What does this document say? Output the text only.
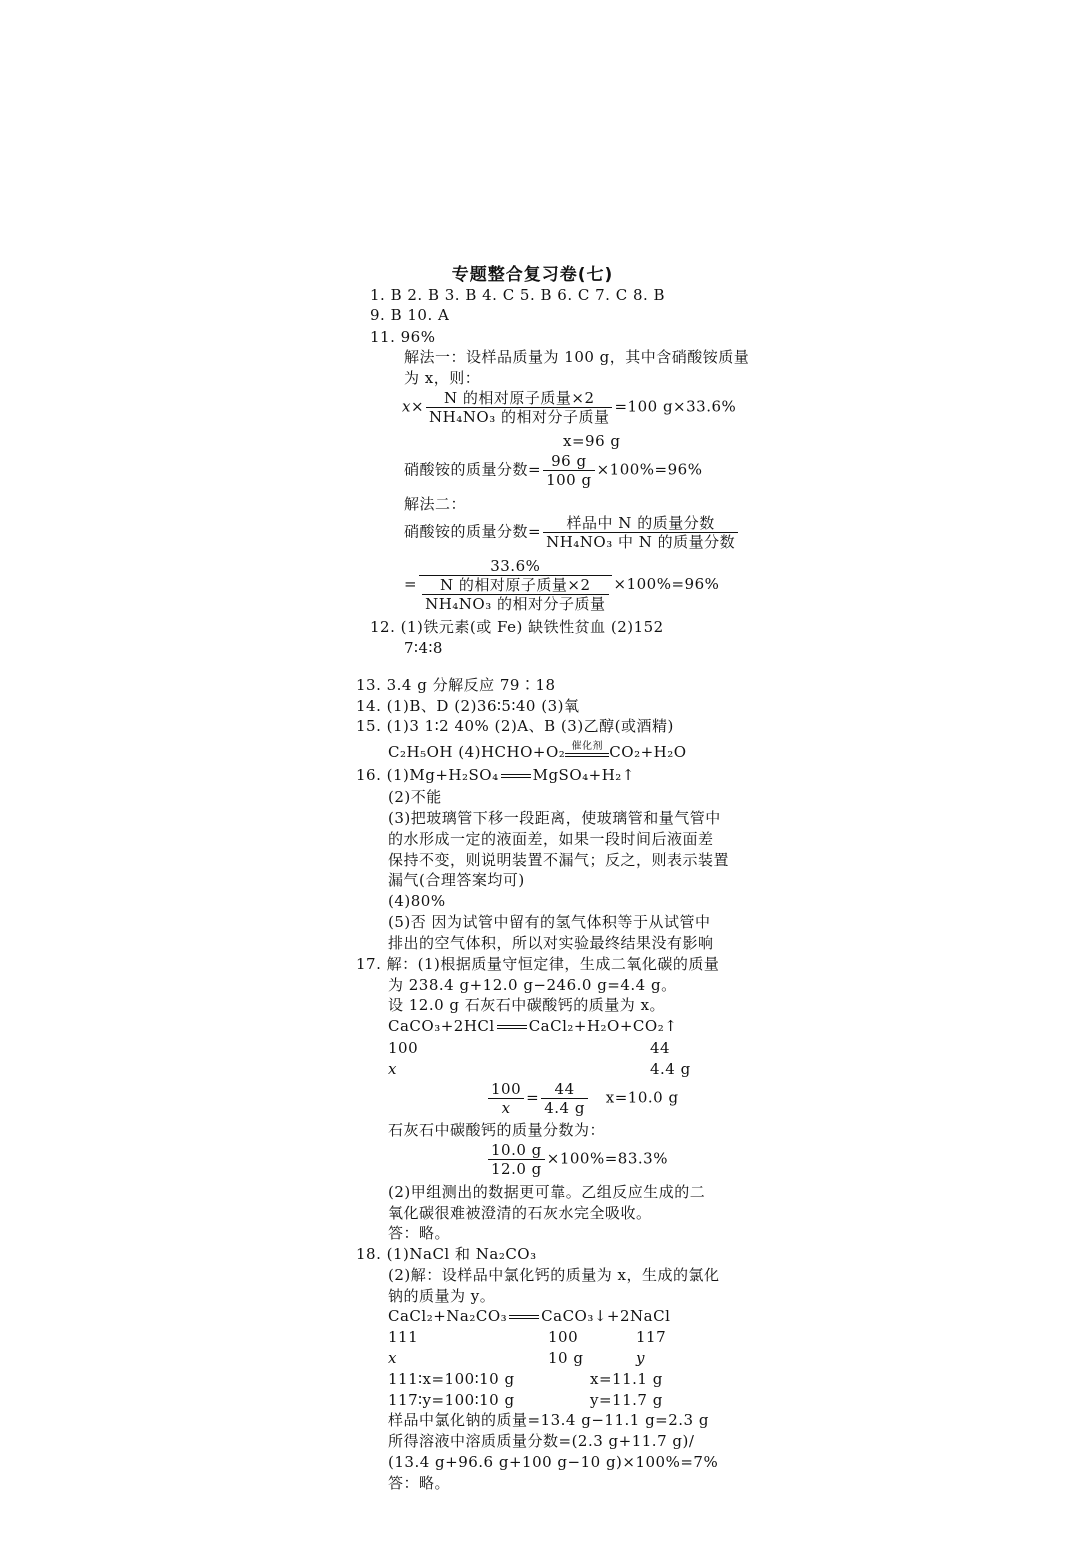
专题整合复习卷(七)
1. B 2. B 3. B 4. C 5. B 6. C 7. C 8. B
9. B 10. A
11. 96%
解法一：设样品质量为 100 g，其中含硝酸铵质量
为 x，则：
$x\times \frac{\text{N 的相对原子质量×2}}{\text{NH₄NO₃ 的相对分子质量}} =100$ g×33.6%
x=96 g
硝酸铵的质量分数= $\frac{96 g}{100 g} \times 100\%=96\%$
解法二：
硝酸铵的质量分数= $\frac{\text{样品中 N 的质量分数}}{\text{NH₄NO₃ 中 N 的质量分数}}$
= $\frac{33.6\%}{\frac{\text{N 的相对原子质量×2}}{\text{NH₄NO₃ 的相对分子质量}}} \times 100\%=96\%$
12. (1)铁元素(或 Fe) 缺铁性贫血 (2)152
7∶4∶8
13. 3.4 g 分解反应 79∶18
14. (1)B、D (2)36∶5∶40 (3)氧
15. (1)3 1∶2 40% (2)A、B (3)乙醇(或酒精)
C₂H₅OH (4)HCHO+O₂ 催化剂 CO₂+H₂O
16. (1)Mg+H₂SO₄ MgSO₄+H₂↑
(2)不能
(3)把玻璃管下移一段距离，使玻璃管和量气管中
的水形成一定的液面差，如果一段时间后液面差
保持不变，则说明装置不漏气；反之，则表示装置
漏气(合理答案均可)
(4)80%
(5)否 因为试管中留有的氢气体积等于从试管中
排出的空气体积，所以对实验最终结果没有影响
17. 解：(1)根据质量守恒定律，生成二氧化碳的质量
为 238.4 g+12.0 g−246.0 g=4.4 g。
设 12.0 g 石灰石中碳酸钙的质量为 x。
CaCO₃+2HCl CaCl₂+H₂O+CO₂↑
100	44
x	4.4 g
$\frac{100}{x} = \frac{44}{4.4 g} x=10.0$ g
石灰石中碳酸钙的质量分数为：
$\frac{10.0 g}{12.0 g} \times 100\%=83.3\%$
(2)甲组测出的数据更可靠。乙组反应生成的二
氧化碳很难被澄清的石灰水完全吸收。
答：略。
18. (1)NaCl 和 Na₂CO₃
(2)解：设样品中氯化钙的质量为 x，生成的氯化
钠的质量为 y。
CaCl₂+Na₂CO₃ CaCO₃↓+2NaCl
111	100	117
x	10 g	y
111∶x=100∶10 g	x=11.1 g
117∶y=100∶10 g	y=11.7 g
样品中氯化钠的质量=13.4 g−11.1 g=2.3 g
所得溶液中溶质质量分数=(2.3 g+11.7 g)/
(13.4 g+96.6 g+100 g−10 g)×100%=7%
答：略。
